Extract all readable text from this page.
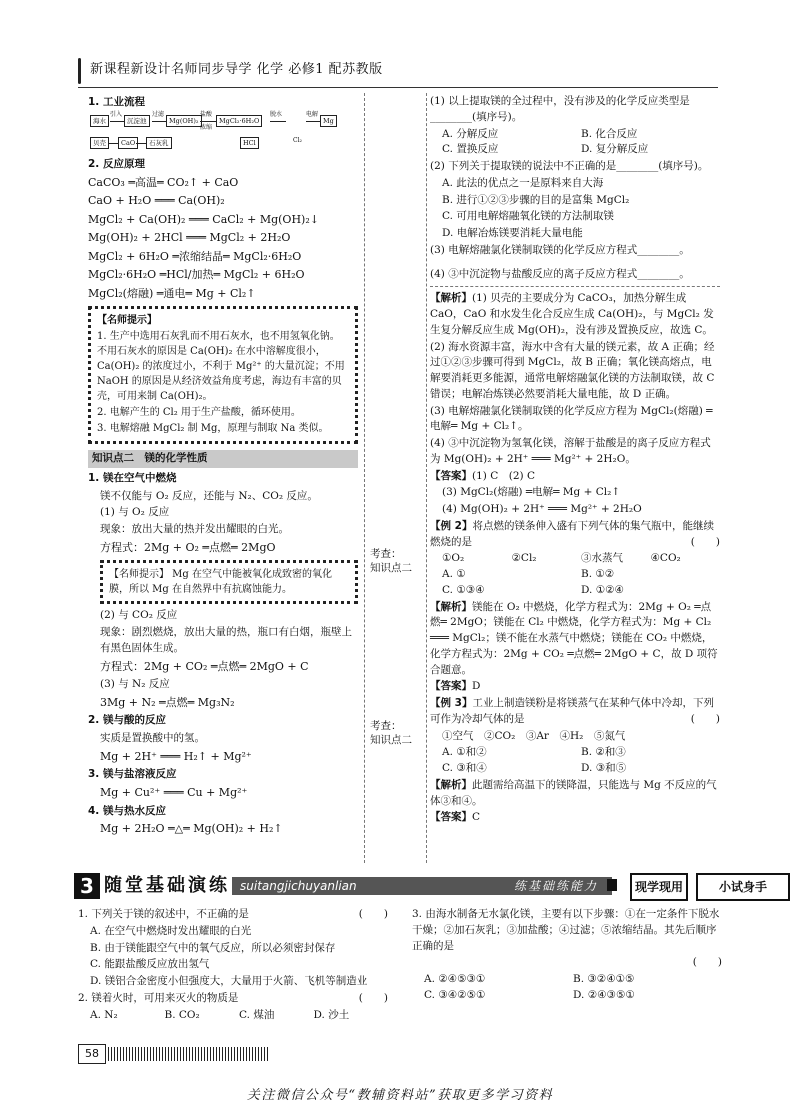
新课程新设计名师同步导学 化学 必修1 配苏教版
1. 工业流程
海水
引入
沉淀池
过滤
Mg(OH)₂
盐酸
浓缩
MgCl₂·6H₂O
脱水	电解
Mg
贝壳	CaO	石灰乳	HCl	Cl₂
2. 反应原理
CaCO₃ ═高温═ CO₂↑ + CaO
CaO + H₂O ═══ Ca(OH)₂
MgCl₂ + Ca(OH)₂ ═══ CaCl₂ + Mg(OH)₂↓
Mg(OH)₂ + 2HCl ═══ MgCl₂ + 2H₂O
MgCl₂ + 6H₂O ═浓缩结晶═ MgCl₂·6H₂O
MgCl₂·6H₂O ═HCl/加热═ MgCl₂ + 6H₂O
MgCl₂(熔融) ═通电═ Mg + Cl₂↑
【名师提示】
1. 生产中选用石灰乳而不用石灰水，也不用氢氧化钠。不用石灰水的原因是 Ca(OH)₂ 在水中溶解度很小，Ca(OH)₂ 的浓度过小，不利于 Mg²⁺ 的大量沉淀；不用 NaOH 的原因是从经济效益角度考虑，海边有丰富的贝壳，可用来制 Ca(OH)₂。
2. 电解产生的 Cl₂ 用于生产盐酸，循环使用。
3. 电解熔融 MgCl₂ 制 Mg，原理与制取 Na 类似。
知识点二　镁的化学性质
1. 镁在空气中燃烧
镁不仅能与 O₂ 反应，还能与 N₂、CO₂ 反应。
(1) 与 O₂ 反应
现象：放出大量的热并发出耀眼的白光。
方程式：2Mg + O₂ ═点燃═ 2MgO
【名师提示】 Mg 在空气中能被氧化成致密的氧化膜，所以 Mg 在自然界中有抗腐蚀能力。
(2) 与 CO₂ 反应
现象：剧烈燃烧，放出大量的热，瓶口有白烟，瓶壁上有黑色固体生成。
方程式：2Mg + CO₂ ═点燃═ 2MgO + C
(3) 与 N₂ 反应
3Mg + N₂ ═点燃═ Mg₃N₂
2. 镁与酸的反应
实质是置换酸中的氢。
Mg + 2H⁺ ═══ H₂↑ + Mg²⁺
3. 镁与盐溶液反应
Mg + Cu²⁺ ═══ Cu + Mg²⁺
4. 镁与热水反应
Mg + 2H₂O ═△═ Mg(OH)₂ + H₂↑
考查：
知识点二
考查：
知识点二
(1) 以上提取镁的全过程中，没有涉及的化学反应类型是________(填序号)。
A. 分解反应	B. 化合反应
C. 置换反应	D. 复分解反应
(2) 下列关于提取镁的说法中不正确的是________(填序号)。
A. 此法的优点之一是原料来自大海
B. 进行①②③步骤的目的是富集 MgCl₂
C. 可用电解熔融氧化镁的方法制取镁
D. 电解冶炼镁要消耗大量电能
(3) 电解熔融氯化镁制取镁的化学反应方程式________。
(4) ③中沉淀物与盐酸反应的离子反应方程式________。
【解析】(1) 贝壳的主要成分为 CaCO₃，加热分解生成 CaO，CaO 和水发生化合反应生成 Ca(OH)₂，与 MgCl₂ 发生复分解反应生成 Mg(OH)₂，没有涉及置换反应，故选 C。
(2) 海水资源丰富，海水中含有大量的镁元素，故 A 正确；经过①②③步骤可得到 MgCl₂，故 B 正确；氧化镁高熔点，电解要消耗更多能源，通常电解熔融氯化镁的方法制取镁，故 C 错误；电解冶炼镁必然要消耗大量电能，故 D 正确。
(3) 电解熔融氯化镁制取镁的化学反应方程为 MgCl₂(熔融) ═电解═ Mg + Cl₂↑。
(4) ③中沉淀物为氢氧化镁，溶解于盐酸是的离子反应方程式为 Mg(OH)₂ + 2H⁺ ═══ Mg²⁺ + 2H₂O。
【答案】(1) C　(2) C
(3) MgCl₂(熔融) ═电解═ Mg + Cl₂↑
(4) Mg(OH)₂ + 2H⁺ ═══ Mg²⁺ + 2H₂O
【例 2】将点燃的镁条伸入盛有下列气体的集气瓶中，能继续燃烧的是	(　　)
①O₂	②Cl₂	③水蒸气	④CO₂
A. ①	B. ①②
C. ①③④	D. ①②④
【解析】镁能在 O₂ 中燃烧，化学方程式为：2Mg + O₂ ═点燃═ 2MgO；镁能在 Cl₂ 中燃烧，化学方程式为：Mg + Cl₂ ═══ MgCl₂；镁不能在水蒸气中燃烧；镁能在 CO₂ 中燃烧，化学方程式为：2Mg + CO₂ ═点燃═ 2MgO + C，故 D 项符合题意。
【答案】D
【例 3】工业上制造镁粉是将镁蒸气在某种气体中冷却，下列可作为冷却气体的是	(　　)
①空气　②CO₂　③Ar　④H₂　⑤氮气
A. ①和②	B. ②和③
C. ③和④	D. ③和⑤
【解析】此题需给高温下的镁降温，只能选与 Mg 不反应的气体③和④。
【答案】C
3 随堂基础演练 suitangjichuyanlian	练基础练能力	现学现用	小试身手
1. 下列关于镁的叙述中，不正确的是	(　　)
A. 在空气中燃烧时发出耀眼的白光
B. 由于镁能跟空气中的氧气反应，所以必须密封保存
C. 能跟盐酸反应放出氢气
D. 镁铝合金密度小但强度大，大量用于火箭、飞机等制造业
2. 镁着火时，可用来灭火的物质是	(　　)
A. N₂	B. CO₂	C. 煤油	D. 沙土
3. 由海水制备无水氯化镁，主要有以下步骤：①在一定条件下脱水干燥；②加石灰乳；③加盐酸；④过滤；⑤浓缩结晶。其先后顺序正确的是
(　　)
A. ②④⑤③①	B. ③②④①⑤
C. ③④②⑤①	D. ②④③⑤①
58
关注微信公众号“教辅资料站”获取更多学习资料
